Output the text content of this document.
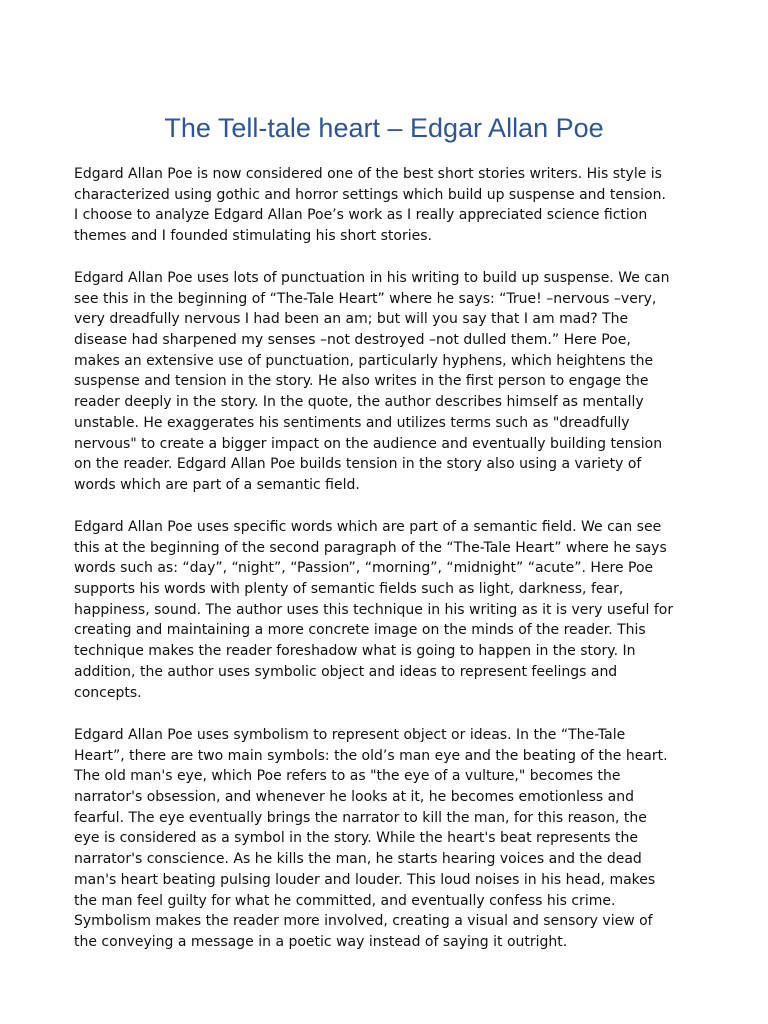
The Tell-tale heart – Edgar Allan Poe
Edgard Allan Poe is now considered one of the best short stories writers. His style is
characterized using gothic and horror settings which build up suspense and tension.
I choose to analyze Edgard Allan Poe’s work as I really appreciated science fiction
themes and I founded stimulating his short stories.
Edgard Allan Poe uses lots of punctuation in his writing to build up suspense. We can
see this in the beginning of “The-Tale Heart” where he says: “True! –nervous –very,
very dreadfully nervous I had been an am; but will you say that I am mad? The
disease had sharpened my senses –not destroyed –not dulled them.” Here Poe,
makes an extensive use of punctuation, particularly hyphens, which heightens the
suspense and tension in the story. He also writes in the first person to engage the
reader deeply in the story. In the quote, the author describes himself as mentally
unstable. He exaggerates his sentiments and utilizes terms such as "dreadfully
nervous" to create a bigger impact on the audience and eventually building tension
on the reader. Edgard Allan Poe builds tension in the story also using a variety of
words which are part of a semantic field.
Edgard Allan Poe uses specific words which are part of a semantic field. We can see
this at the beginning of the second paragraph of the “The-Tale Heart” where he says
words such as: “day”, “night”, “Passion”, “morning”, “midnight” “acute”. Here Poe
supports his words with plenty of semantic fields such as light, darkness, fear,
happiness, sound. The author uses this technique in his writing as it is very useful for
creating and maintaining a more concrete image on the minds of the reader. This
technique makes the reader foreshadow what is going to happen in the story. In
addition, the author uses symbolic object and ideas to represent feelings and
concepts.
Edgard Allan Poe uses symbolism to represent object or ideas. In the “The-Tale
Heart”, there are two main symbols: the old’s man eye and the beating of the heart.
The old man's eye, which Poe refers to as "the eye of a vulture," becomes the
narrator's obsession, and whenever he looks at it, he becomes emotionless and
fearful. The eye eventually brings the narrator to kill the man, for this reason, the
eye is considered as a symbol in the story. While the heart's beat represents the
narrator's conscience. As he kills the man, he starts hearing voices and the dead
man's heart beating pulsing louder and louder. This loud noises in his head, makes
the man feel guilty for what he committed, and eventually confess his crime.
Symbolism makes the reader more involved, creating a visual and sensory view of
the conveying a message in a poetic way instead of saying it outright.
